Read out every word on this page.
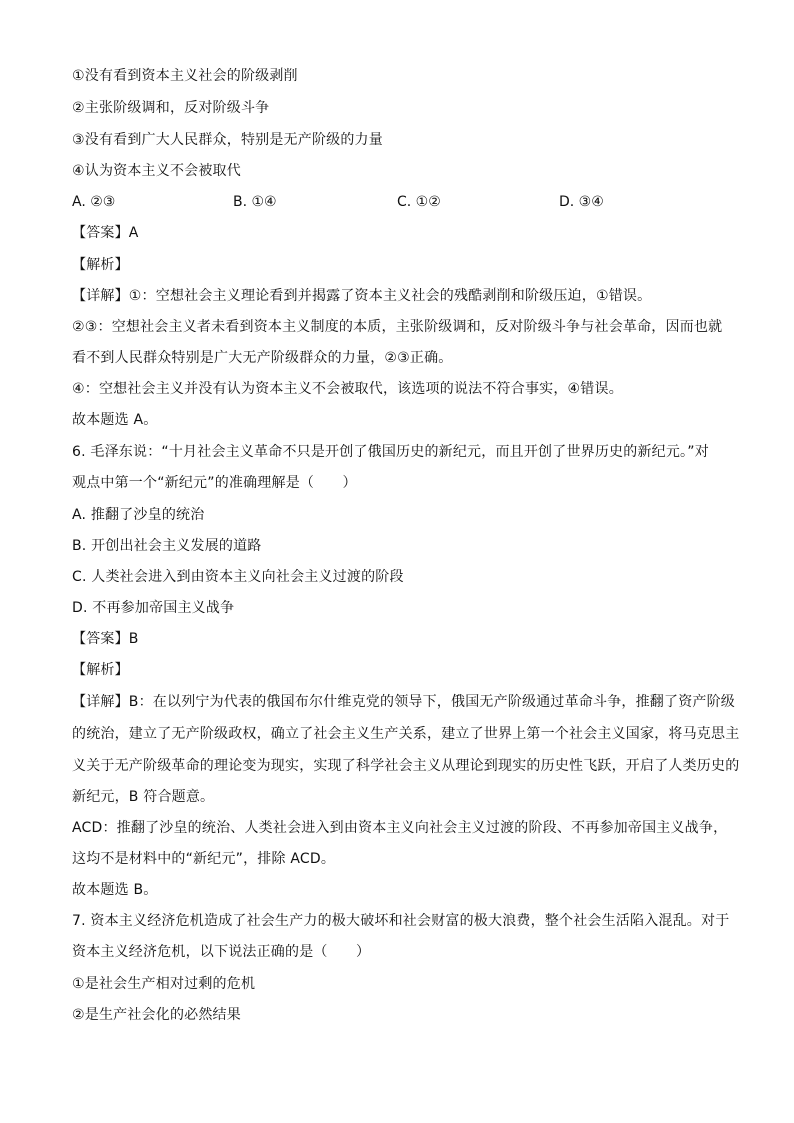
①没有看到资本主义社会的阶级剥削
②主张阶级调和，反对阶级斗争
③没有看到广大人民群众，特别是无产阶级的力量
④认为资本主义不会被取代
A. ②③	B. ①④	C. ①②	D. ③④
【答案】A
【解析】
【详解】①：空想社会主义理论看到并揭露了资本主义社会的残酷剥削和阶级压迫，①错误。
②③：空想社会主义者未看到资本主义制度的本质，主张阶级调和，反对阶级斗争与社会革命，因而也就
看不到人民群众特别是广大无产阶级群众的力量，②③正确。
④：空想社会主义并没有认为资本主义不会被取代，该选项的说法不符合事实，④错误。
故本题选 A。
6. 毛泽东说：“十月社会主义革命不只是开创了俄国历史的新纪元，而且开创了世界历史的新纪元。”对
观点中第一个“新纪元”的准确理解是（　　）
A. 推翻了沙皇的统治
B. 开创出社会主义发展的道路
C. 人类社会进入到由资本主义向社会主义过渡的阶段
D. 不再参加帝国主义战争
【答案】B
【解析】
【详解】B：在以列宁为代表的俄国布尔什维克党的领导下，俄国无产阶级通过革命斗争，推翻了资产阶级
的统治，建立了无产阶级政权，确立了社会主义生产关系，建立了世界上第一个社会主义国家，将马克思主
义关于无产阶级革命的理论变为现实，实现了科学社会主义从理论到现实的历史性飞跃，开启了人类历史的
新纪元，B 符合题意。
ACD：推翻了沙皇的统治、人类社会进入到由资本主义向社会主义过渡的阶段、不再参加帝国主义战争，
这均不是材料中的“新纪元”，排除 ACD。
故本题选 B。
7. 资本主义经济危机造成了社会生产力的极大破坏和社会财富的极大浪费，整个社会生活陷入混乱。对于
资本主义经济危机，以下说法正确的是（　　）
①是社会生产相对过剩的危机
②是生产社会化的必然结果
